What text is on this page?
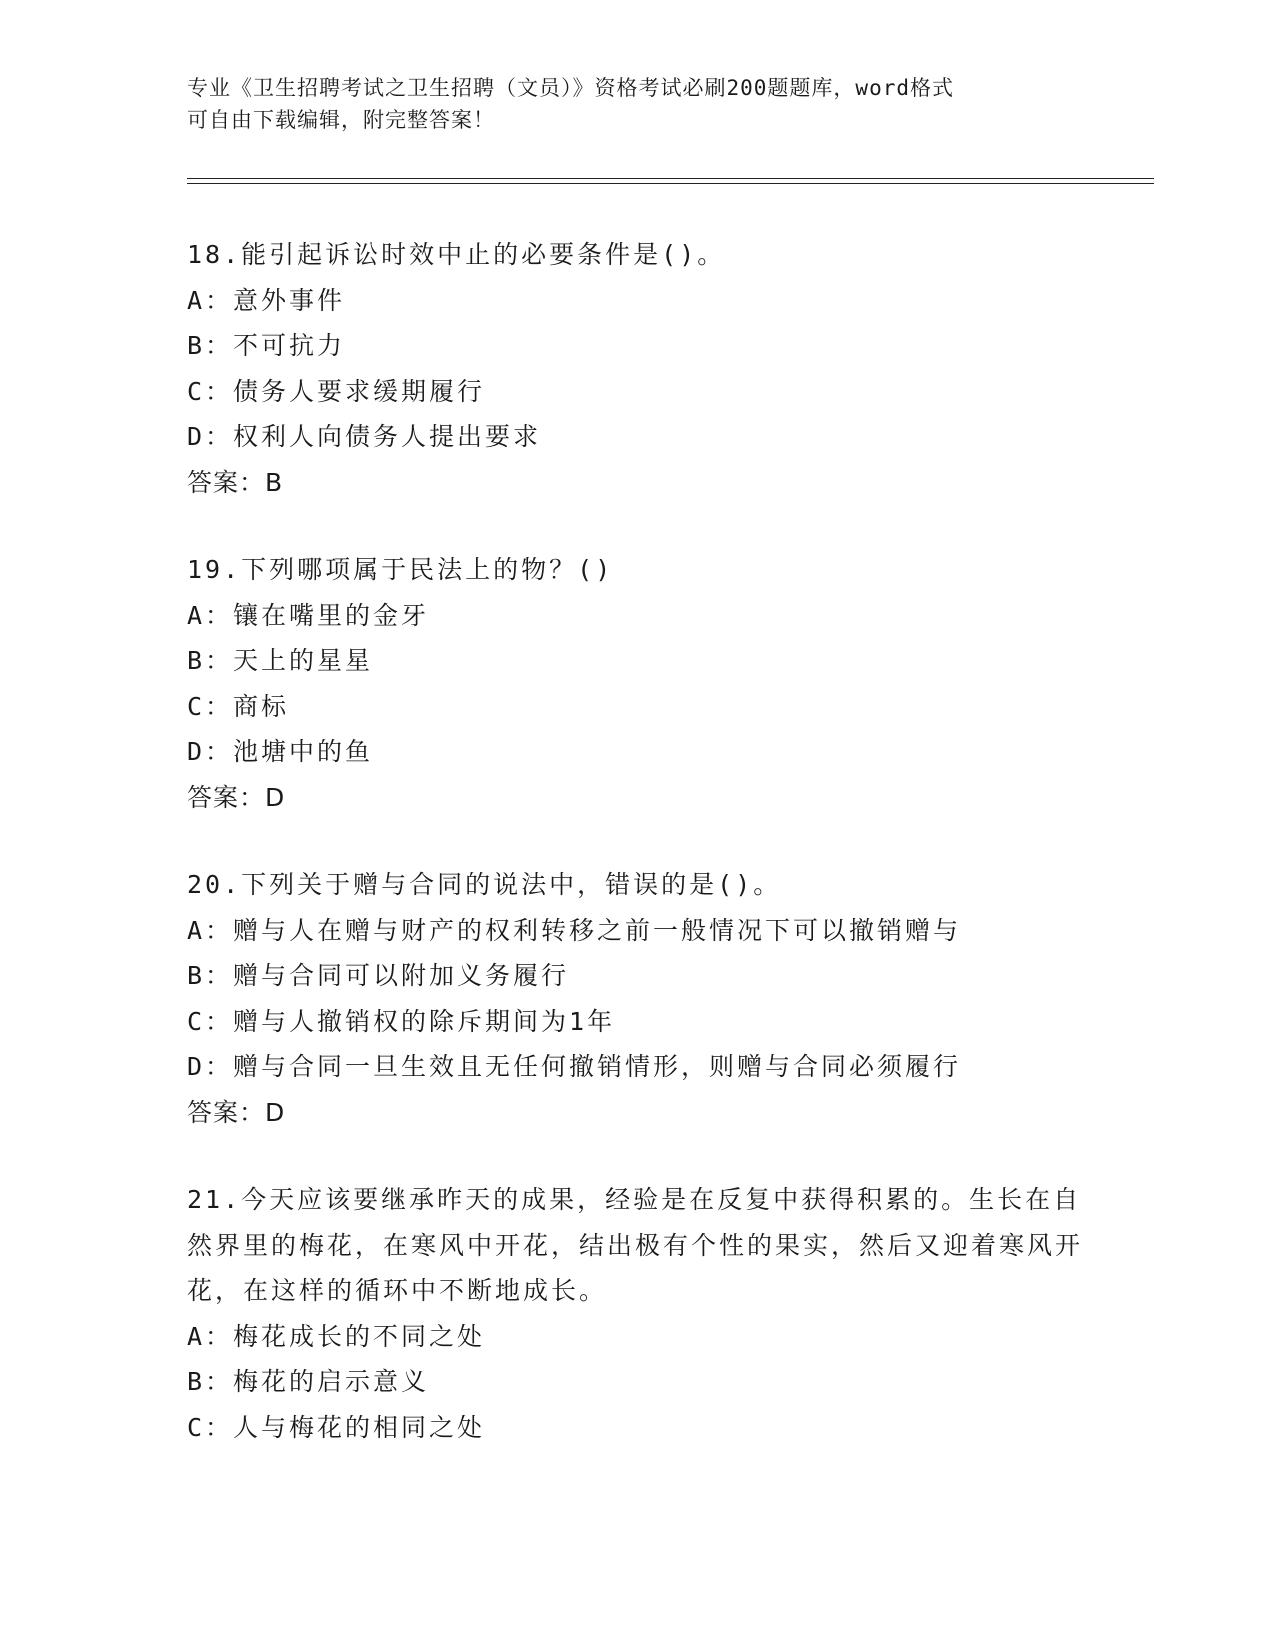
专业《卫生招聘考试之卫生招聘（文员）》资格考试必刷200题题库，word格式
可自由下载编辑，附完整答案！
18.能引起诉讼时效中止的必要条件是()。
A：意外事件
B：不可抗力
C：债务人要求缓期履行
D：权利人向债务人提出要求
答案：B
19.下列哪项属于民法上的物？()
A：镶在嘴里的金牙
B：天上的星星
C：商标
D：池塘中的鱼
答案：D
20.下列关于赠与合同的说法中，错误的是()。
A：赠与人在赠与财产的权利转移之前一般情况下可以撤销赠与
B：赠与合同可以附加义务履行
C：赠与人撤销权的除斥期间为1年
D：赠与合同一旦生效且无任何撤销情形，则赠与合同必须履行
答案：D
21.今天应该要继承昨天的成果，经验是在反复中获得积累的。生长在自然界里的梅花，在寒风中开花，结出极有个性的果实，然后又迎着寒风开花，在这样的循环中不断地成长。
A：梅花成长的不同之处
B：梅花的启示意义
C：人与梅花的相同之处
